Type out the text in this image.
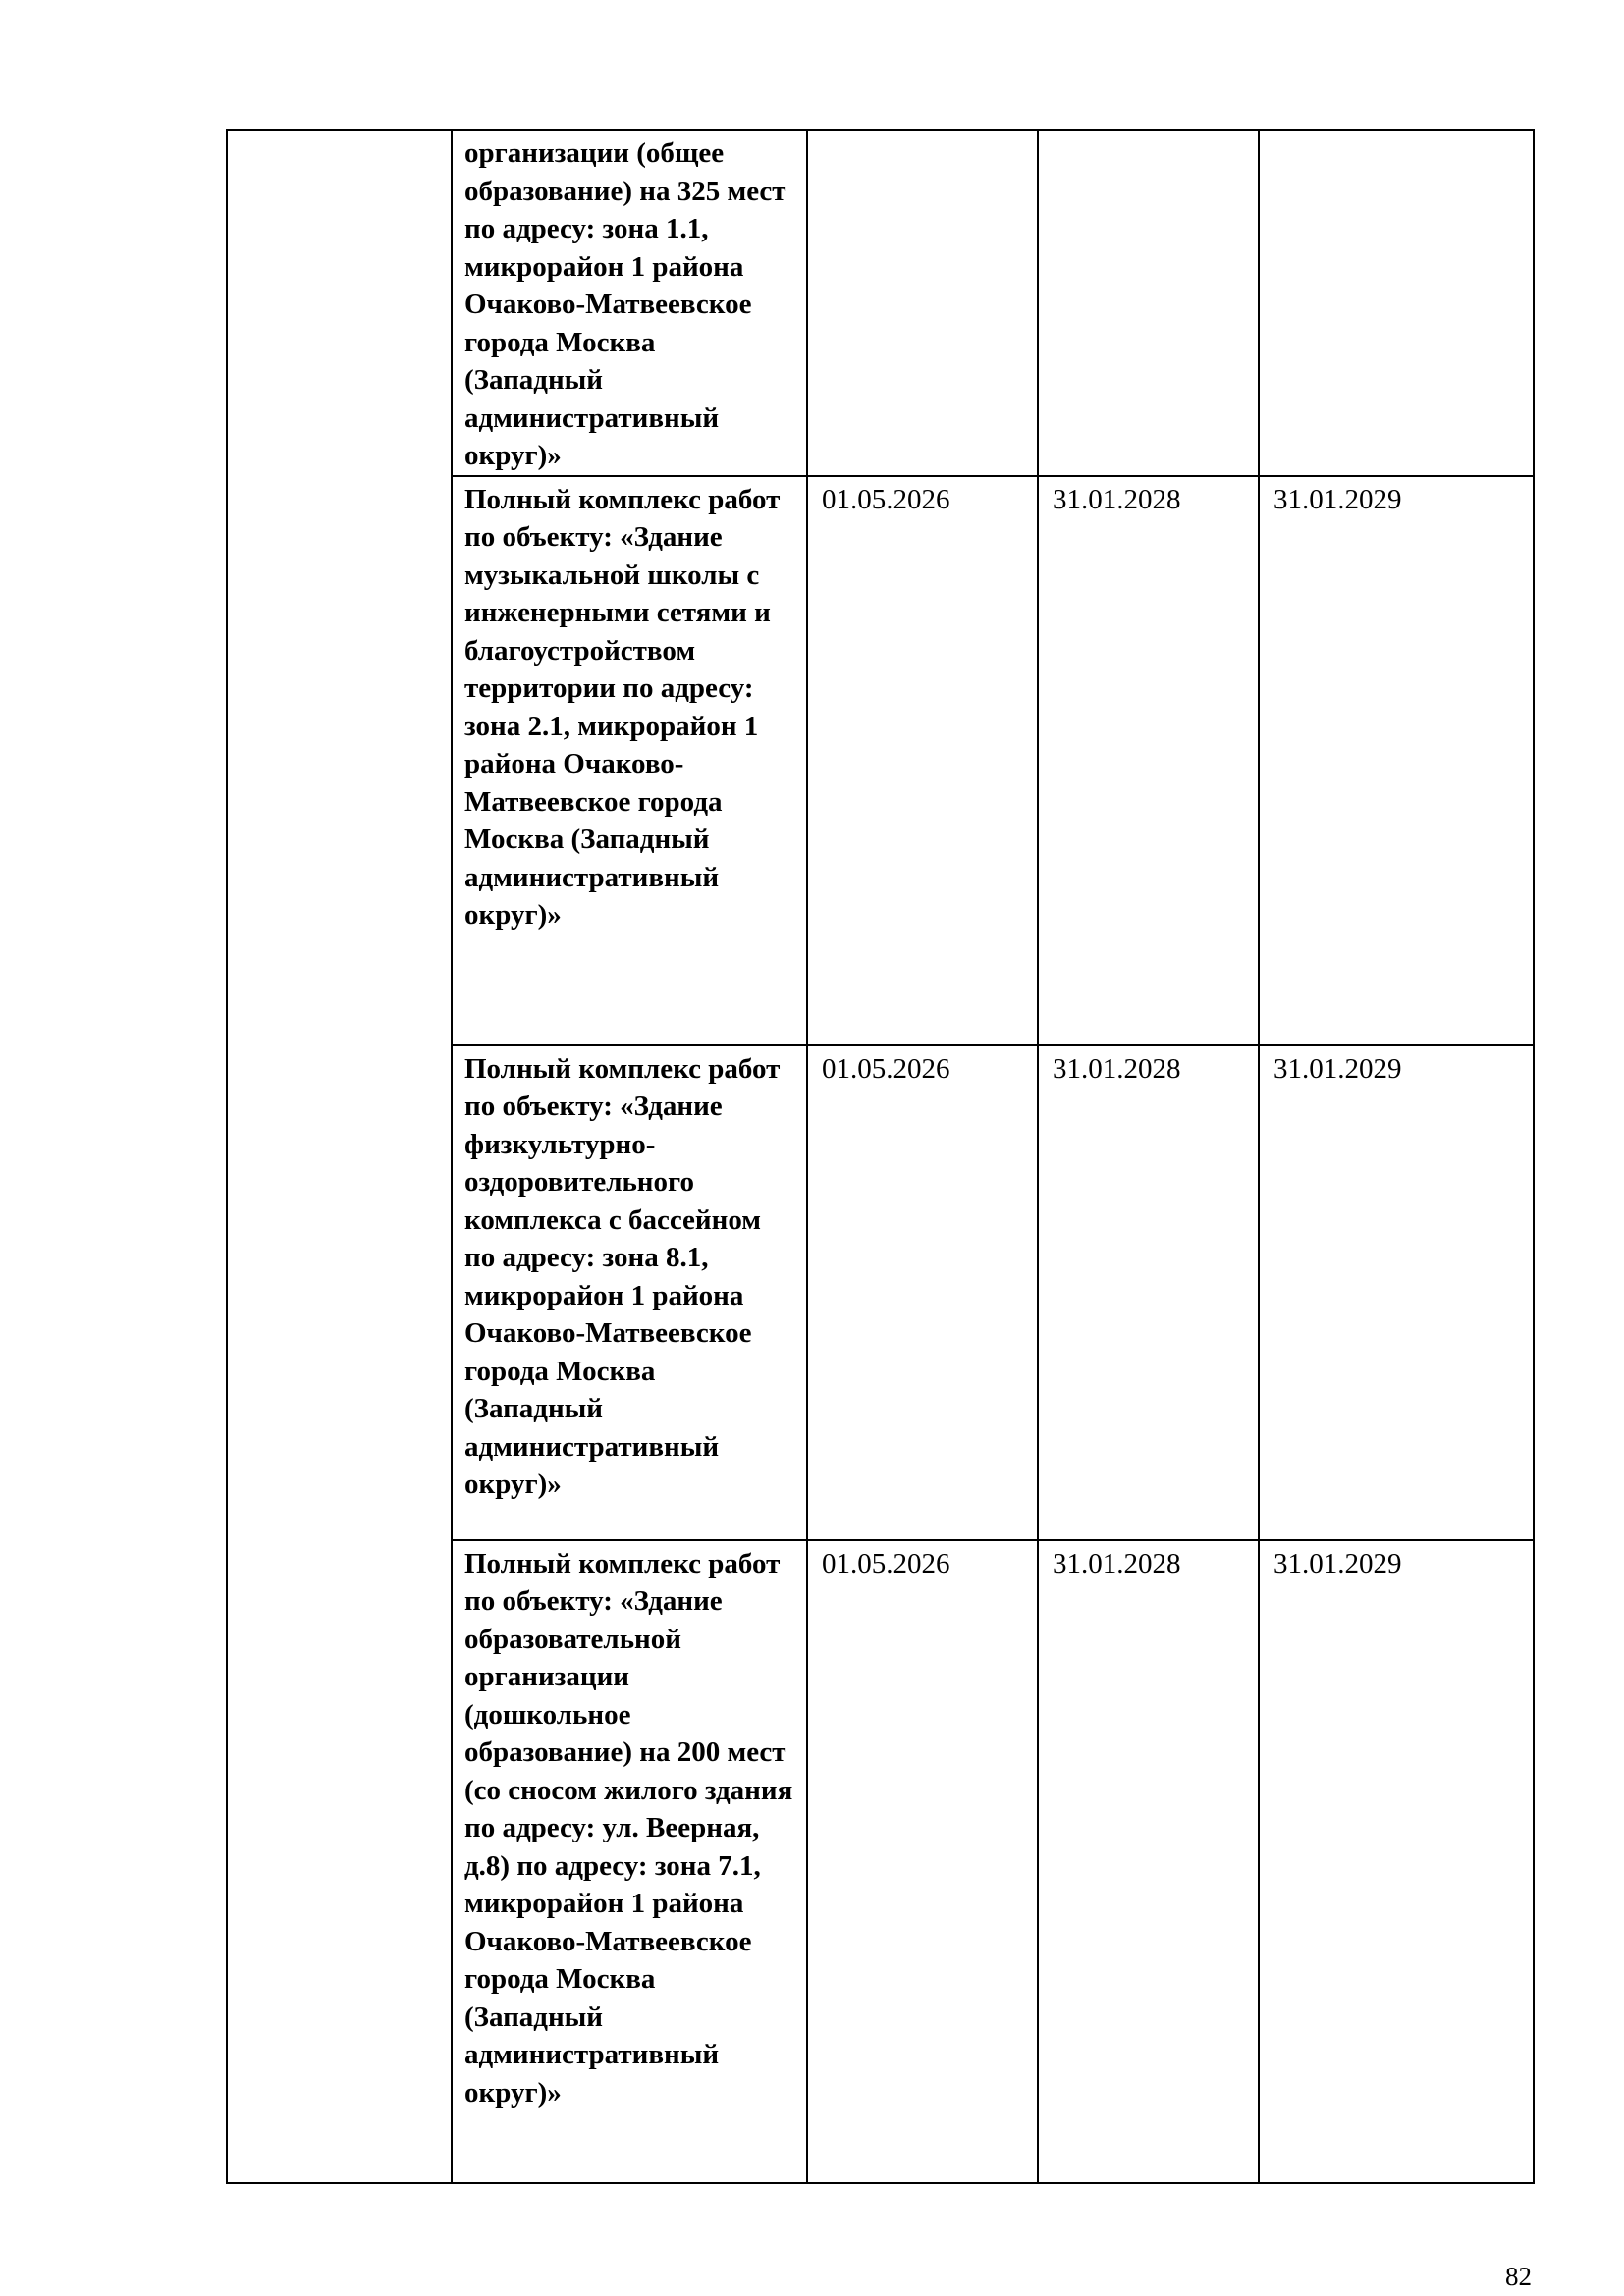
	организации (общее образование) на 325 мест по адресу: зона 1.1, микрорайон 1 района Очаково-Матвеевское города Москва (Западный административный округ)»			
	Полный комплекс работ по объекту: «Здание музыкальной школы с инженерными сетями и благоустройством территории по адресу: зона 2.1, микрорайон 1 района Очаково-Матвеевское города Москва (Западный административный округ)»	01.05.2026	31.01.2028	31.01.2029
	Полный комплекс работ по объекту: «Здание физкультурно-оздоровительного комплекса с бассейном по адресу: зона 8.1, микрорайон 1 района Очаково-Матвеевское города Москва (Западный административный округ)»	01.05.2026	31.01.2028	31.01.2029
	Полный комплекс работ по объекту: «Здание образовательной организации (дошкольное образование) на 200 мест (со сносом жилого здания по адресу: ул. Веерная, д.8) по адресу: зона 7.1, микрорайон 1 района Очаково-Матвеевское города Москва (Западный административный округ)»	01.05.2026	31.01.2028	31.01.2029
82
